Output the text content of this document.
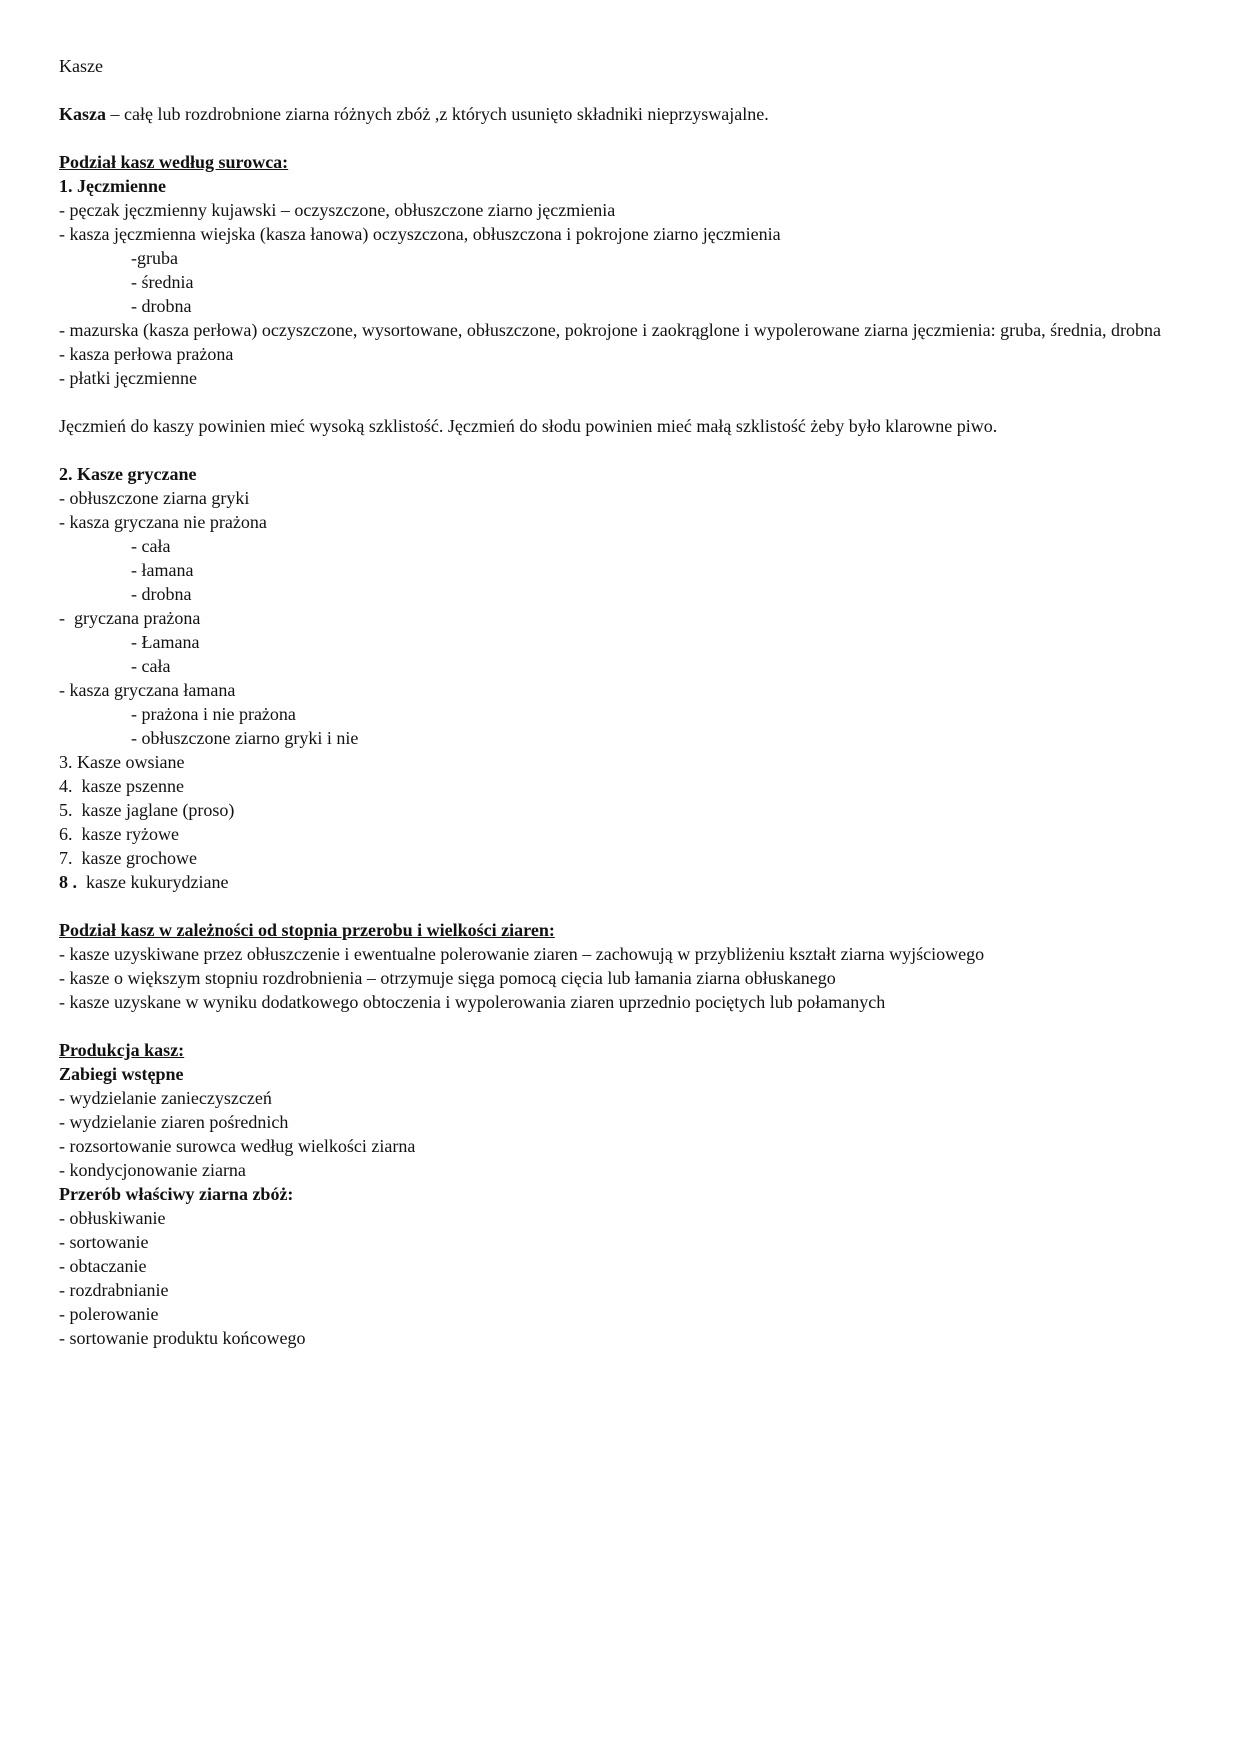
Kasze
Kasza – całę lub rozdrobnione ziarna różnych zbóż ,z których usunięto składniki nieprzyswajalne.
Podział kasz według surowca:
1. Jęczmienne
- pęczak jęczmienny kujawski – oczyszczone, obłuszczone ziarno jęczmienia
- kasza jęczmienna wiejska (kasza łanowa) oczyszczona, obłuszczona i pokrojone ziarno jęczmienia
-gruba
- średnia
- drobna
- mazurska (kasza perłowa) oczyszczone, wysortowane, obłuszczone, pokrojone i zaokrąglone i wypolerowane ziarna jęczmienia: gruba, średnia, drobna
- kasza perłowa prażona
- płatki jęczmienne
Jęczmień do kaszy powinien mieć wysoką szklistość. Jęczmień do słodu powinien mieć małą szklistość żeby było klarowne piwo.
2. Kasze gryczane
- obłuszczone ziarna gryki
- kasza gryczana nie prażona
- cała
- łamana
- drobna
-  gryczana prażona
- Łamana
- cała
- kasza gryczana łamana
- prażona i nie prażona
- obłuszczone ziarno gryki i nie
3. Kasze owsiane
4.  kasze pszenne
5.  kasze jaglane (proso)
6.  kasze ryżowe
7.  kasze grochowe
8 .  kasze kukurydziane
Podział kasz w zależności od stopnia przerobu i wielkości ziaren:
- kasze uzyskiwane przez obłuszczenie i ewentualne polerowanie ziaren – zachowują w przybliżeniu kształt ziarna wyjściowego
- kasze o większym stopniu rozdrobnienia – otrzymuje sięga pomocą cięcia lub łamania ziarna obłuskanego
- kasze uzyskane w wyniku dodatkowego obtoczenia i wypolerowania ziaren uprzednio pociętych lub połamanych
Produkcja kasz:
Zabiegi wstępne
- wydzielanie zanieczyszczeń
- wydzielanie ziaren pośrednich
- rozsortowanie surowca według wielkości ziarna
- kondycjonowanie ziarna
Przerób właściwy ziarna zbóż:
- obłuskiwanie
- sortowanie
- obtaczanie
- rozdrabnianie
- polerowanie
- sortowanie produktu końcowego
